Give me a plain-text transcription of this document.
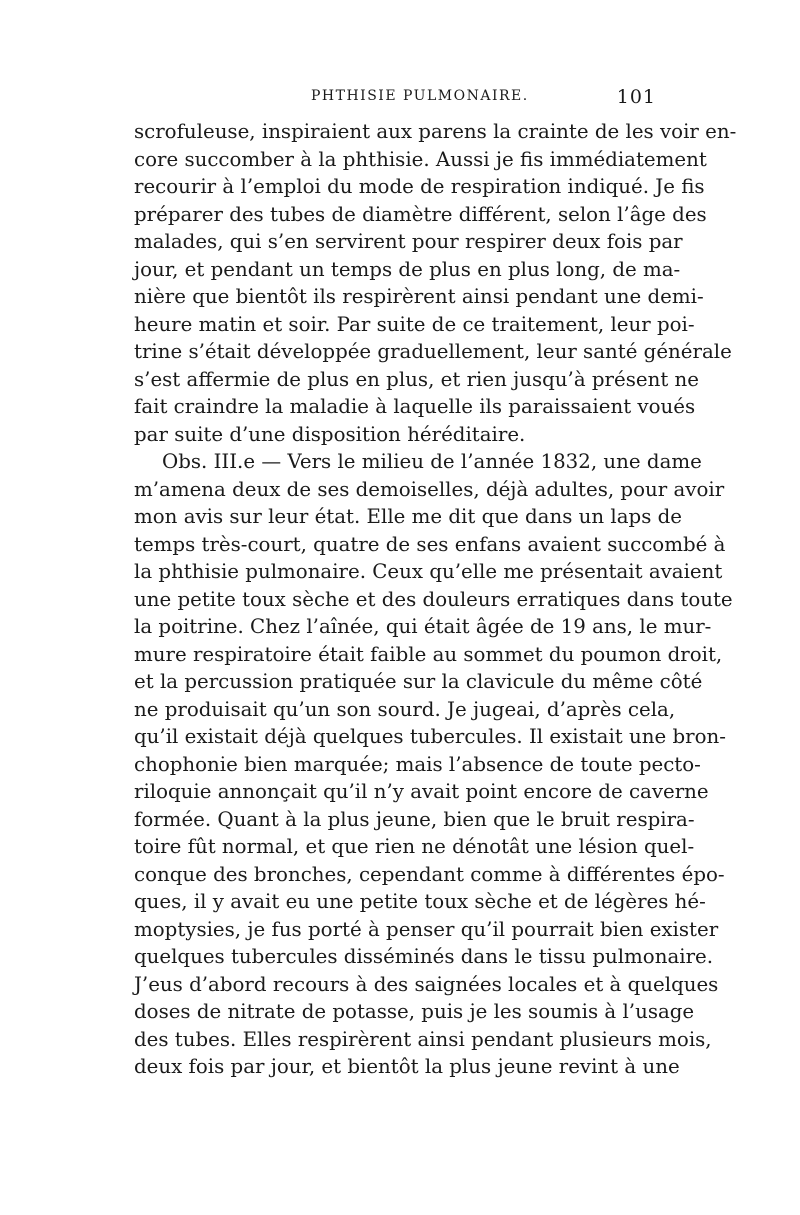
PHTHISIE PULMONAIRE.	101
scrofuleuse, inspiraient aux parens la crainte de les voir en-
core succomber à la phthisie. Aussi je fis immédiatement
recourir à l’emploi du mode de respiration indiqué. Je fis
préparer des tubes de diamètre différent, selon l’âge des
malades, qui s’en servirent pour respirer deux fois par
jour, et pendant un temps de plus en plus long, de ma-
nière que bientôt ils respirèrent ainsi pendant une demi-
heure matin et soir. Par suite de ce traitement, leur poi-
trine s’était développée graduellement, leur santé générale
s’est affermie de plus en plus, et rien jusqu’à présent ne
fait craindre la maladie à laquelle ils paraissaient voués
par suite d’une disposition héréditaire.
Obs. III.e — Vers le milieu de l’année 1832, une dame
m’amena deux de ses demoiselles, déjà adultes, pour avoir
mon avis sur leur état. Elle me dit que dans un laps de
temps très-court, quatre de ses enfans avaient succombé à
la phthisie pulmonaire. Ceux qu’elle me présentait avaient
une petite toux sèche et des douleurs erratiques dans toute
la poitrine. Chez l’aînée, qui était âgée de 19 ans, le mur-
mure respiratoire était faible au sommet du poumon droit,
et la percussion pratiquée sur la clavicule du même côté
ne produisait qu’un son sourd. Je jugeai, d’après cela,
qu’il existait déjà quelques tubercules. Il existait une bron-
chophonie bien marquée; mais l’absence de toute pecto-
riloquie annonçait qu’il n’y avait point encore de caverne
formée. Quant à la plus jeune, bien que le bruit respira-
toire fût normal, et que rien ne dénotât une lésion quel-
conque des bronches, cependant comme à différentes épo-
ques, il y avait eu une petite toux sèche et de légères hé-
moptysies, je fus porté à penser qu’il pourrait bien exister
quelques tubercules disséminés dans le tissu pulmonaire.
J’eus d’abord recours à des saignées locales et à quelques
doses de nitrate de potasse, puis je les soumis à l’usage
des tubes. Elles respirèrent ainsi pendant plusieurs mois,
deux fois par jour, et bientôt la plus jeune revint à une
